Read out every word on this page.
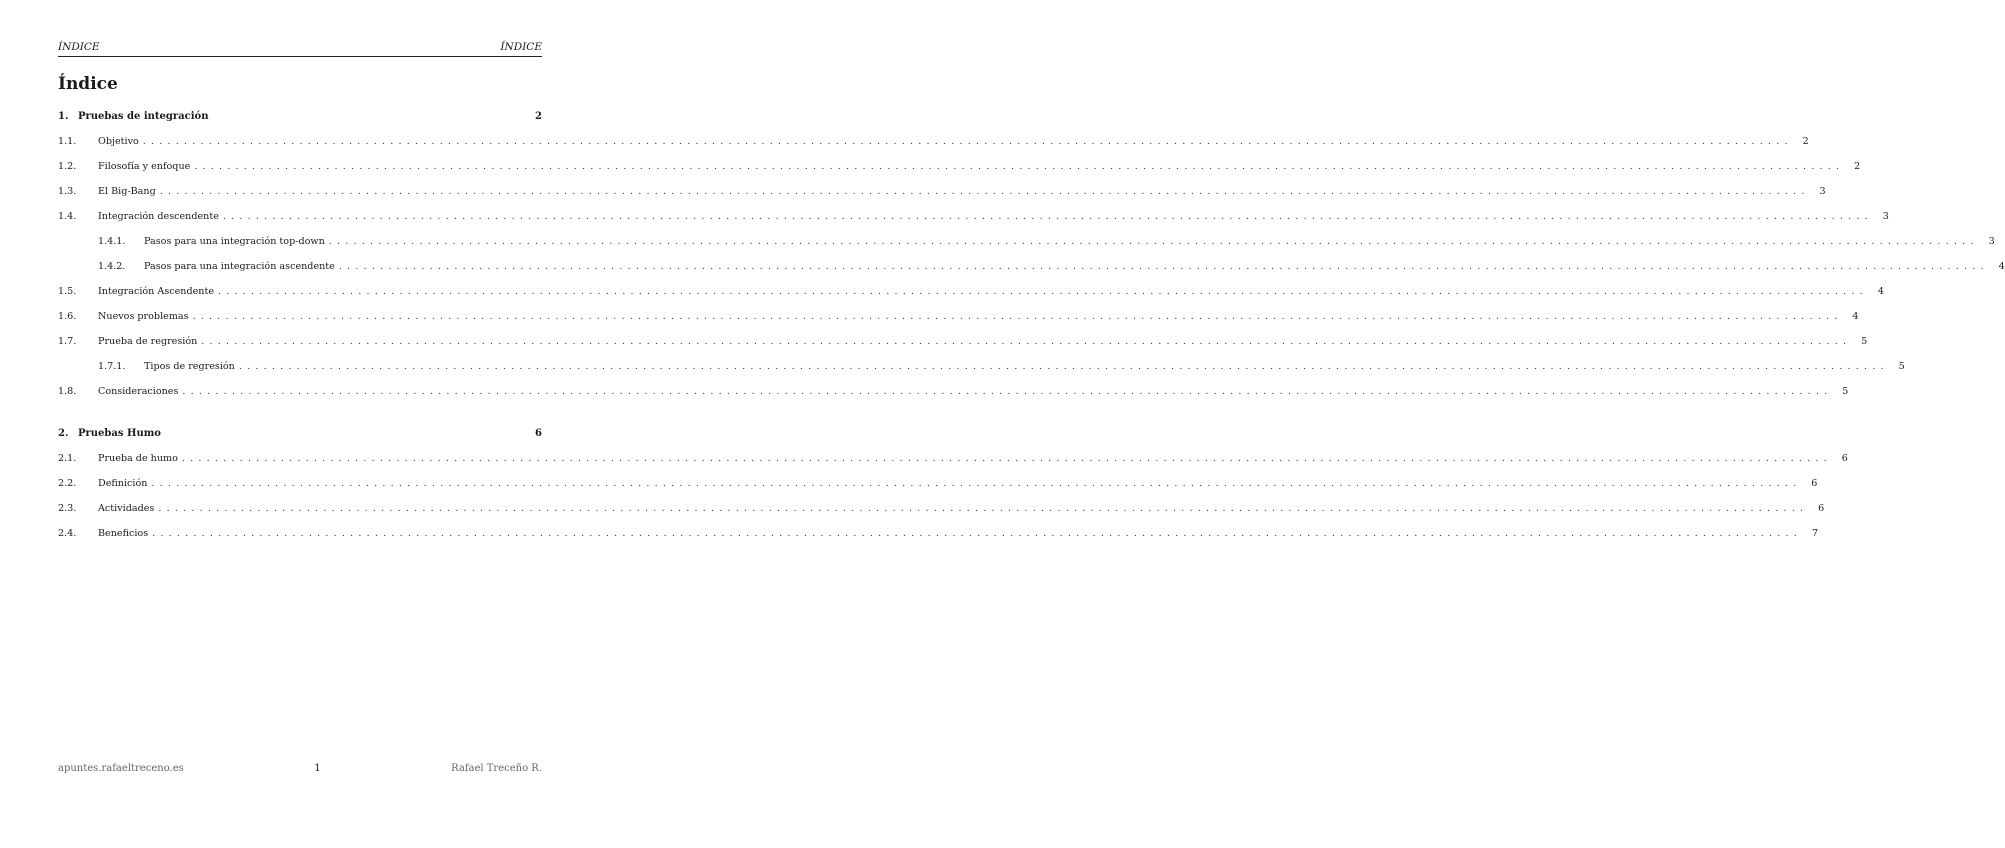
ÍNDICE	ÍNDICE
Índice
1. Pruebas de integración	2
1.1.	Objetivo ........................................................................................................................................................................................................	2
1.2.	Filosofía y enfoque ........................................................................................................................................................................................................	2
1.3.	El Big-Bang ........................................................................................................................................................................................................	3
1.4.	Integración descendente ........................................................................................................................................................................................................	3
1.4.1.	Pasos para una integración top-down ........................................................................................................................................................................................................	3
1.4.2.	Pasos para una integración ascendente ........................................................................................................................................................................................................	4
1.5.	Integración Ascendente ........................................................................................................................................................................................................	4
1.6.	Nuevos problemas ........................................................................................................................................................................................................	4
1.7.	Prueba de regresión ........................................................................................................................................................................................................	5
1.7.1.	Tipos de regresión ........................................................................................................................................................................................................	5
1.8.	Consideraciones ........................................................................................................................................................................................................	5
2. Pruebas Humo	6
2.1.	Prueba de humo ........................................................................................................................................................................................................	6
2.2.	Definición ........................................................................................................................................................................................................	6
2.3.	Actividades ........................................................................................................................................................................................................	6
2.4.	Beneficios ........................................................................................................................................................................................................	7
apuntes.rafaeltreceno.es	1	Rafael Treceño R.
